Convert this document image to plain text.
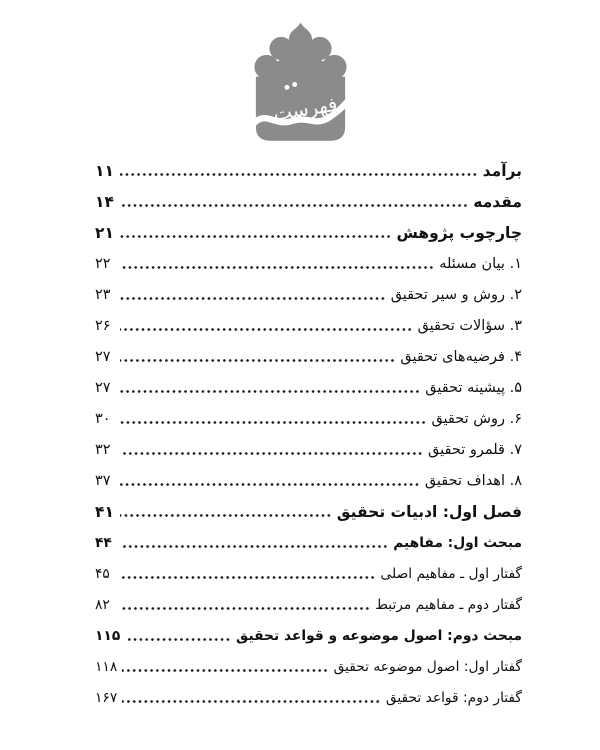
فهرست
برآمد
۱۱
مقدمه
۱۴
چارچوب پژوهش
۲۱
۱. بیان مسئله
۲۲
۲. روش و سیر تحقیق
۲۳
۳. سؤالات تحقیق
۲۶
۴. فرضیه‌های تحقیق
۲۷
۵. پیشینه تحقیق
۲۷
۶. روش تحقیق
۳۰
۷. قلمرو تحقیق
۳۲
۸. اهداف تحقیق
۳۷
فصل اول: ادبیات تحقیق
۴۱
مبحث اول: مفاهیم
۴۴
گفتار اول ـ مفاهیم اصلی
۴۵
گفتار دوم ـ مفاهیم مرتبط
۸۲
مبحث دوم: اصول موضوعه و قواعد تحقیق
۱۱۵
گفتار اول: اصول موضوعه تحقیق
۱۱۸
گفتار دوم: قواعد تحقیق
۱۶۷
